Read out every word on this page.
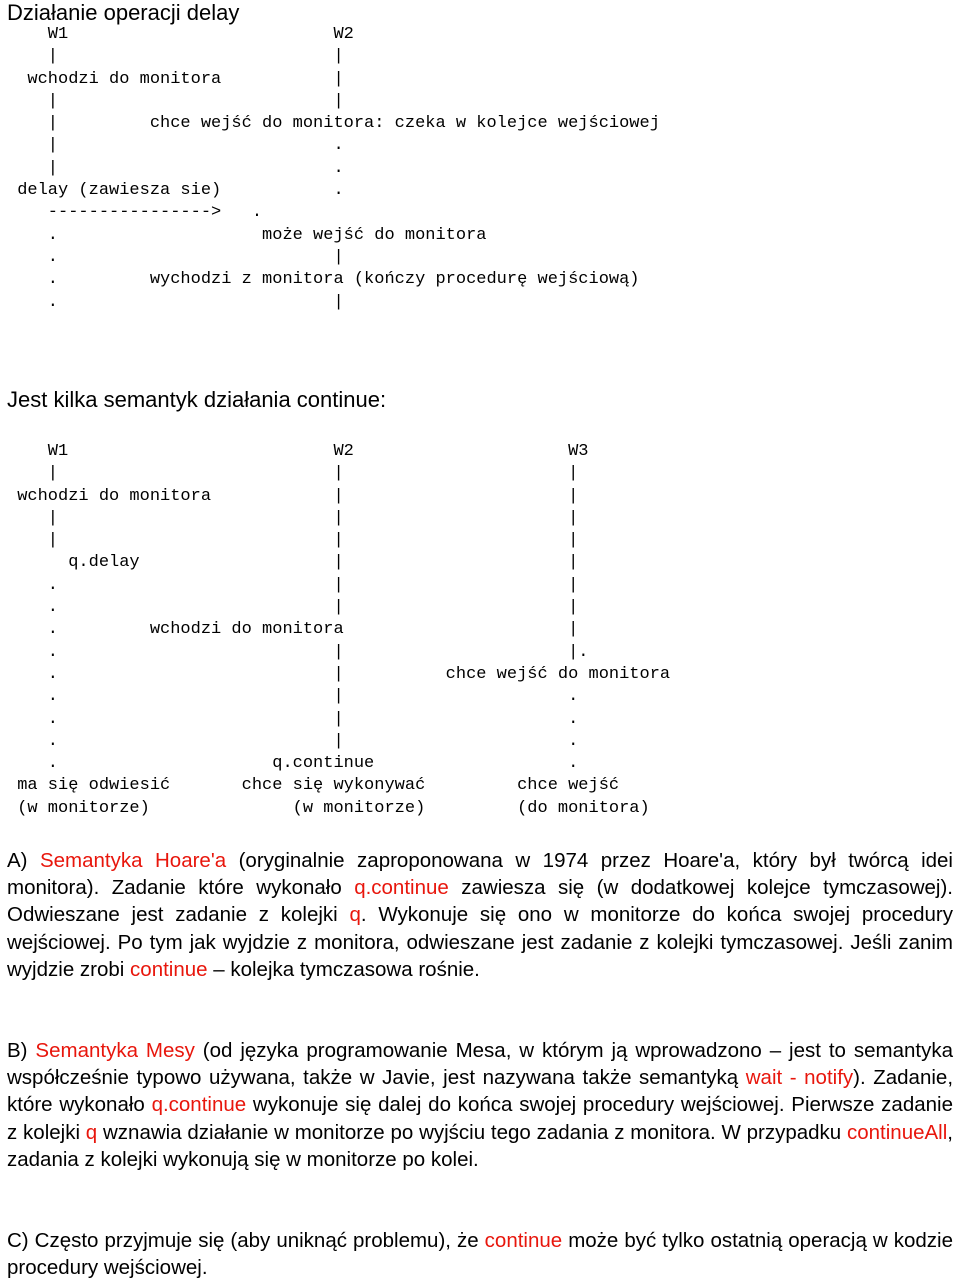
Działanie operacji delay
W1                          W2
|                           |
wchodzi do monitora           |
|                           |
|         chce wejść do monitora: czeka w kolejce wejściowej
|                           .
|                           .
delay (zawiesza sie)           .
---------------->   .
.                    może wejść do monitora
.                           |
.         wychodzi z monitora (kończy procedurę wejściową)
.                           |
Jest kilka semantyk działania continue:
W1                          W2                     W3
|                           |                      |
wchodzi do monitora            |                      |
|                           |                      |
|                           |                      |
q.delay                   |                      |
.                           |                      |
.                           |                      |
.         wchodzi do monitora                      |
.                           |                      |.
.                           |          chce wejść do monitora
.                           |                      .
.                           |                      .
.                           |                      .
.                     q.continue                   .
ma się odwiesić       chce się wykonywać         chce wejść
(w monitorze)              (w monitorze)         (do monitora)

A) Semantyka Hoare'a (oryginalnie zaproponowana w 1974 przez Hoare'a, który był twórcą idei monitora). Zadanie które wykonało q.continue zawiesza się (w dodatkowej kolejce tymczasowej). Odwieszane jest zadanie z kolejki q. Wykonuje się ono w monitorze do końca swojej procedury wejściowej. Po tym jak wyjdzie z monitora, odwieszane jest zadanie z kolejki tymczasowej. Jeśli zanim wyjdzie zrobi continue – kolejka tymczasowa rośnie.

B) Semantyka Mesy (od języka programowanie Mesa, w którym ją wprowadzono – jest to semantyka współcześnie typowo używana, także w Javie, jest nazywana także semantyką wait - notify). Zadanie, które wykonało q.continue wykonuje się dalej do końca swojej procedury wejściowej. Pierwsze zadanie z kolejki q wznawia działanie w monitorze po wyjściu tego zadania z monitora. W przypadku continueAll, zadania z kolejki wykonują się w monitorze po kolei.

C) Często przyjmuje się (aby uniknąć problemu), że continue może być tylko ostatnią operacją w kodzie procedury wejściowej.
